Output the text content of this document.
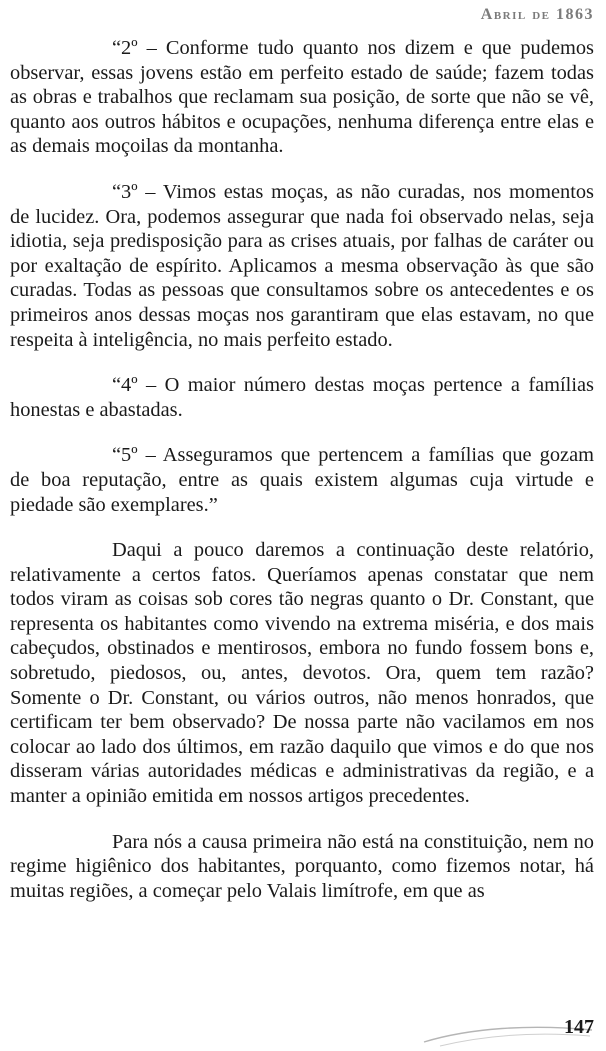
Abril de 1863

“2º – Conforme tudo quanto nos dizem e que pudemos observar, essas jovens estão em perfeito estado de saúde; fazem todas as obras e trabalhos que reclamam sua posição, de sorte que não se vê, quanto aos outros hábitos e ocupações, nenhuma diferença entre elas e as demais moçoilas da montanha.

“3º – Vimos estas moças, as não curadas, nos momentos de lucidez. Ora, podemos assegurar que nada foi observado nelas, seja idiotia, seja predisposição para as crises atuais, por falhas de caráter ou por exaltação de espírito. Aplicamos a mesma observação às que são curadas. Todas as pessoas que consultamos sobre os antecedentes e os primeiros anos dessas moças nos garantiram que elas estavam, no que respeita à inteligência, no mais perfeito estado.

“4º – O maior número destas moças pertence a famílias honestas e abastadas.

“5º – Asseguramos que pertencem a famílias que gozam de boa reputação, entre as quais existem algumas cuja virtude e piedade são exemplares.”

Daqui a pouco daremos a continuação deste relatório, relativamente a certos fatos. Queríamos apenas constatar que nem todos viram as coisas sob cores tão negras quanto o Dr. Constant, que representa os habitantes como vivendo na extrema miséria, e dos mais cabeçudos, obstinados e mentirosos, embora no fundo fossem bons e, sobretudo, piedosos, ou, antes, devotos. Ora, quem tem razão? Somente o Dr. Constant, ou vários outros, não menos honrados, que certificam ter bem observado? De nossa parte não vacilamos em nos colocar ao lado dos últimos, em razão daquilo que vimos e do que nos disseram várias autoridades médicas e administrativas da região, e a manter a opinião emitida em nossos artigos precedentes.

Para nós a causa primeira não está na constituição, nem no regime higiênico dos habitantes, porquanto, como fizemos notar, há muitas regiões, a começar pelo Valais limítrofe, em que as

147
